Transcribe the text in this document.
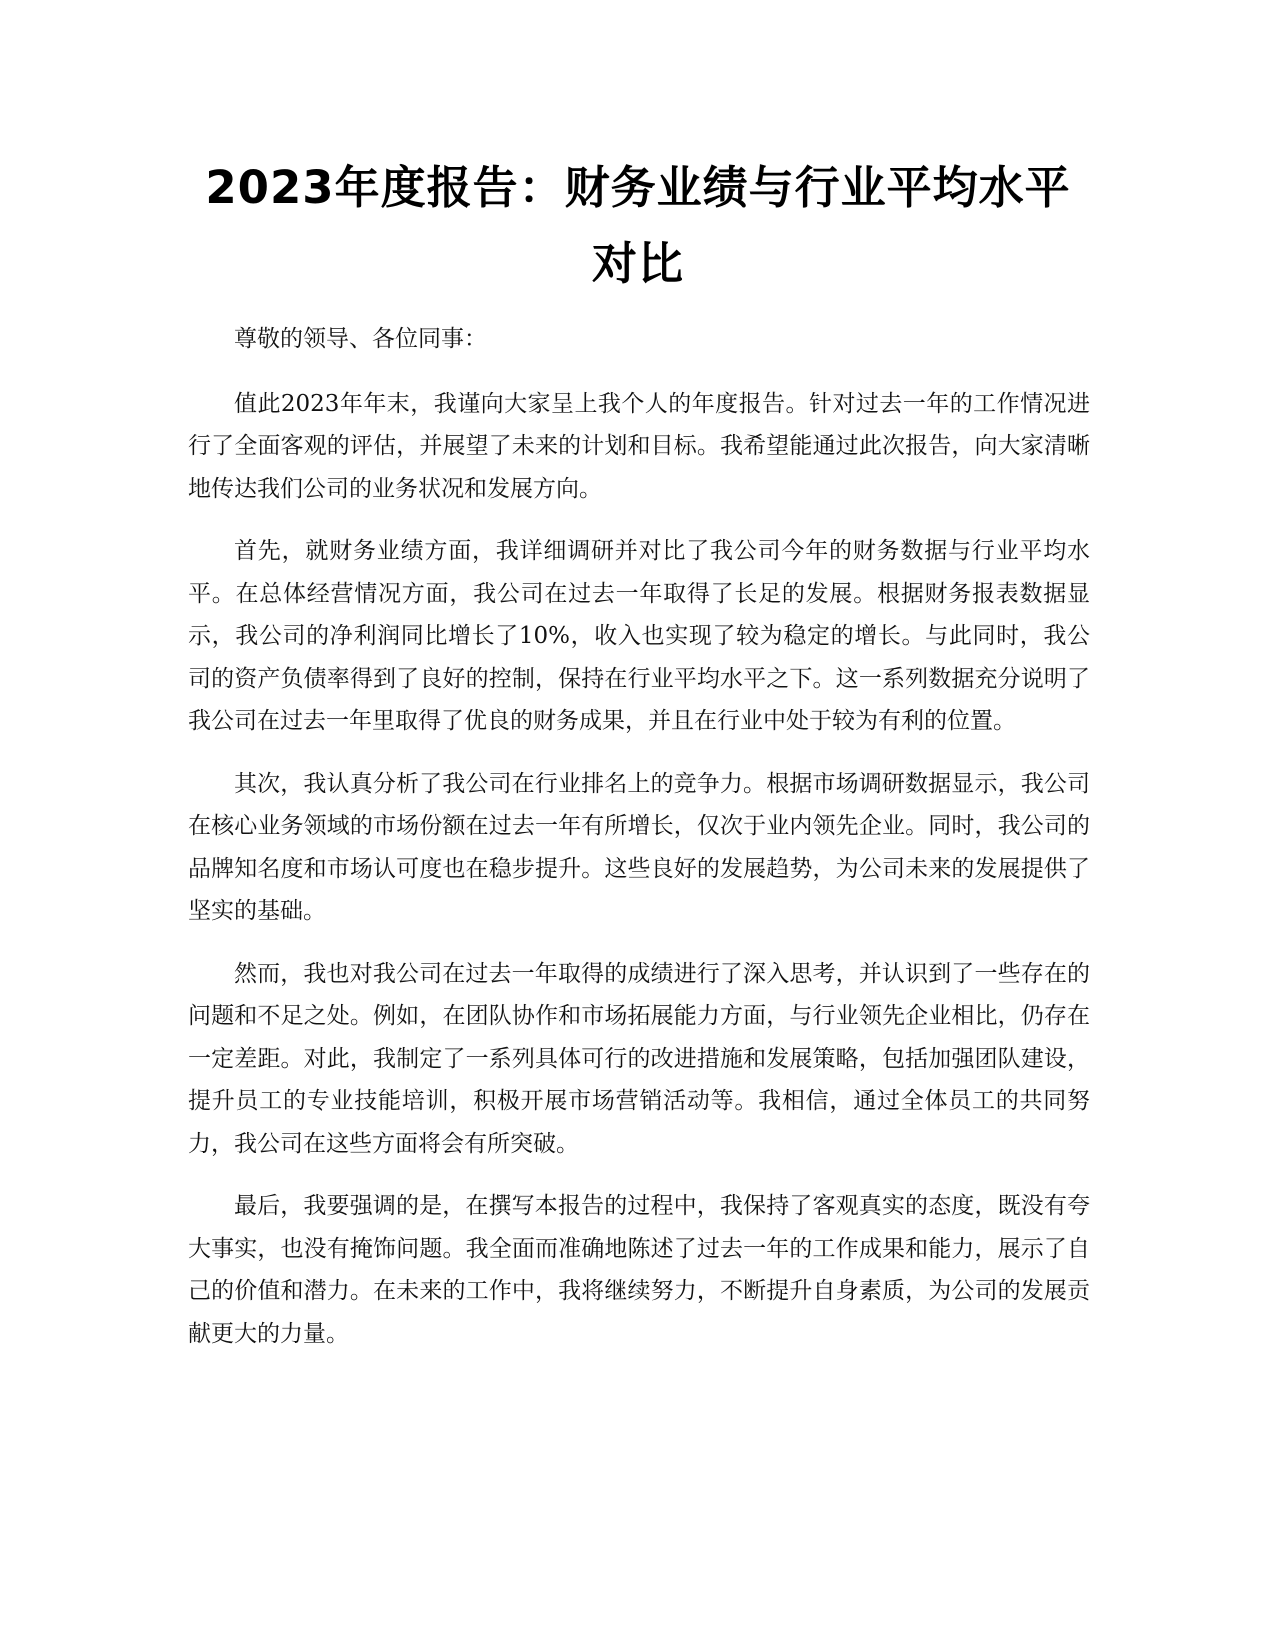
2023年度报告：财务业绩与行业平均水平对比

尊敬的领导、各位同事：

值此2023年年末，我谨向大家呈上我个人的年度报告。针对过去一年的工作情况进行了全面客观的评估，并展望了未来的计划和目标。我希望能通过此次报告，向大家清晰地传达我们公司的业务状况和发展方向。

首先，就财务业绩方面，我详细调研并对比了我公司今年的财务数据与行业平均水平。在总体经营情况方面，我公司在过去一年取得了长足的发展。根据财务报表数据显示，我公司的净利润同比增长了10%，收入也实现了较为稳定的增长。与此同时，我公司的资产负债率得到了良好的控制，保持在行业平均水平之下。这一系列数据充分说明了我公司在过去一年里取得了优良的财务成果，并且在行业中处于较为有利的位置。

其次，我认真分析了我公司在行业排名上的竞争力。根据市场调研数据显示，我公司在核心业务领域的市场份额在过去一年有所增长，仅次于业内领先企业。同时，我公司的品牌知名度和市场认可度也在稳步提升。这些良好的发展趋势，为公司未来的发展提供了坚实的基础。

然而，我也对我公司在过去一年取得的成绩进行了深入思考，并认识到了一些存在的问题和不足之处。例如，在团队协作和市场拓展能力方面，与行业领先企业相比，仍存在一定差距。对此，我制定了一系列具体可行的改进措施和发展策略，包括加强团队建设，提升员工的专业技能培训，积极开展市场营销活动等。我相信，通过全体员工的共同努力，我公司在这些方面将会有所突破。

最后，我要强调的是，在撰写本报告的过程中，我保持了客观真实的态度，既没有夸大事实，也没有掩饰问题。我全面而准确地陈述了过去一年的工作成果和能力，展示了自己的价值和潜力。在未来的工作中，我将继续努力，不断提升自身素质，为公司的发展贡献更大的力量。
